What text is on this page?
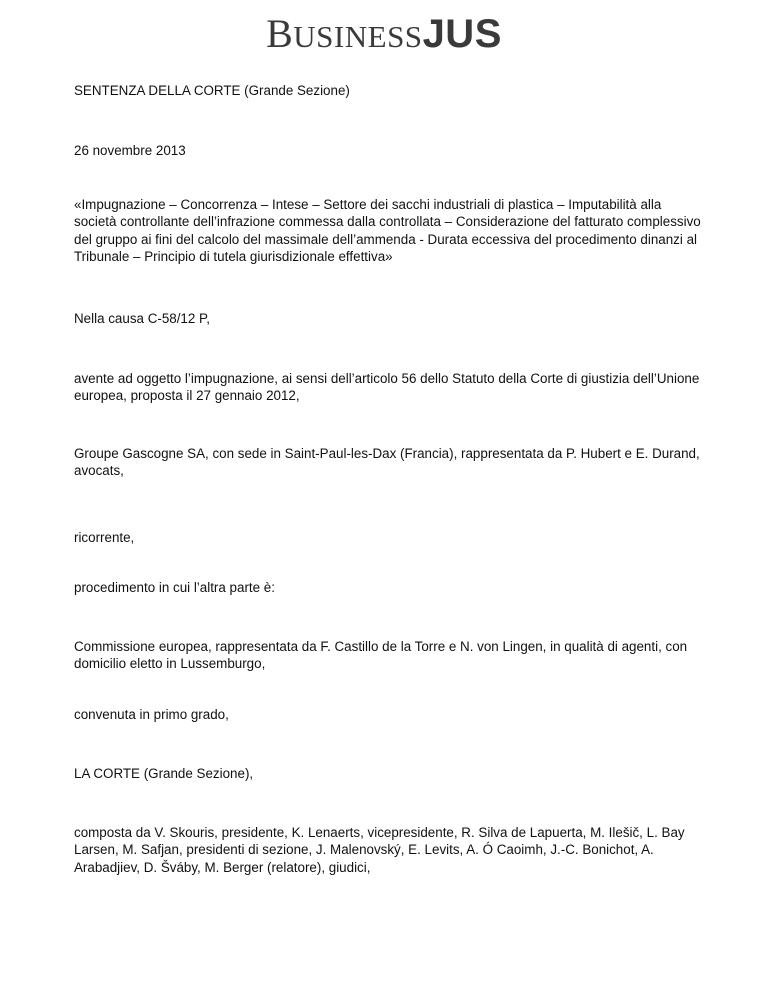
BUSINESSJUS

SENTENZA DELLA CORTE (Grande Sezione)

26 novembre 2013

«Impugnazione – Concorrenza – Intese – Settore dei sacchi industriali di plastica – Imputabilità alla società controllante dell’infrazione commessa dalla controllata – Considerazione del fatturato complessivo del gruppo ai fini del calcolo del massimale dell’ammenda - Durata eccessiva del procedimento dinanzi al Tribunale – Principio di tutela giurisdizionale effettiva»

Nella causa C-58/12 P,

avente ad oggetto l’impugnazione, ai sensi dell’articolo 56 dello Statuto della Corte di giustizia dell’Unione europea, proposta il 27 gennaio 2012,

Groupe Gascogne SA, con sede in Saint-Paul-les-Dax (Francia), rappresentata da P. Hubert e E. Durand, avocats,

ricorrente,

procedimento in cui l’altra parte è:

Commissione europea, rappresentata da F. Castillo de la Torre e N. von Lingen, in qualità di agenti, con domicilio eletto in Lussemburgo,

convenuta in primo grado,

LA CORTE (Grande Sezione),

composta da V. Skouris, presidente, K. Lenaerts, vicepresidente, R. Silva de Lapuerta, M. Ilešič, L. Bay Larsen, M. Safjan, presidenti di sezione, J. Malenovský, E. Levits, A. Ó Caoimh, J.-C. Bonichot, A. Arabadjiev, D. Šváby, M. Berger (relatore), giudici,
